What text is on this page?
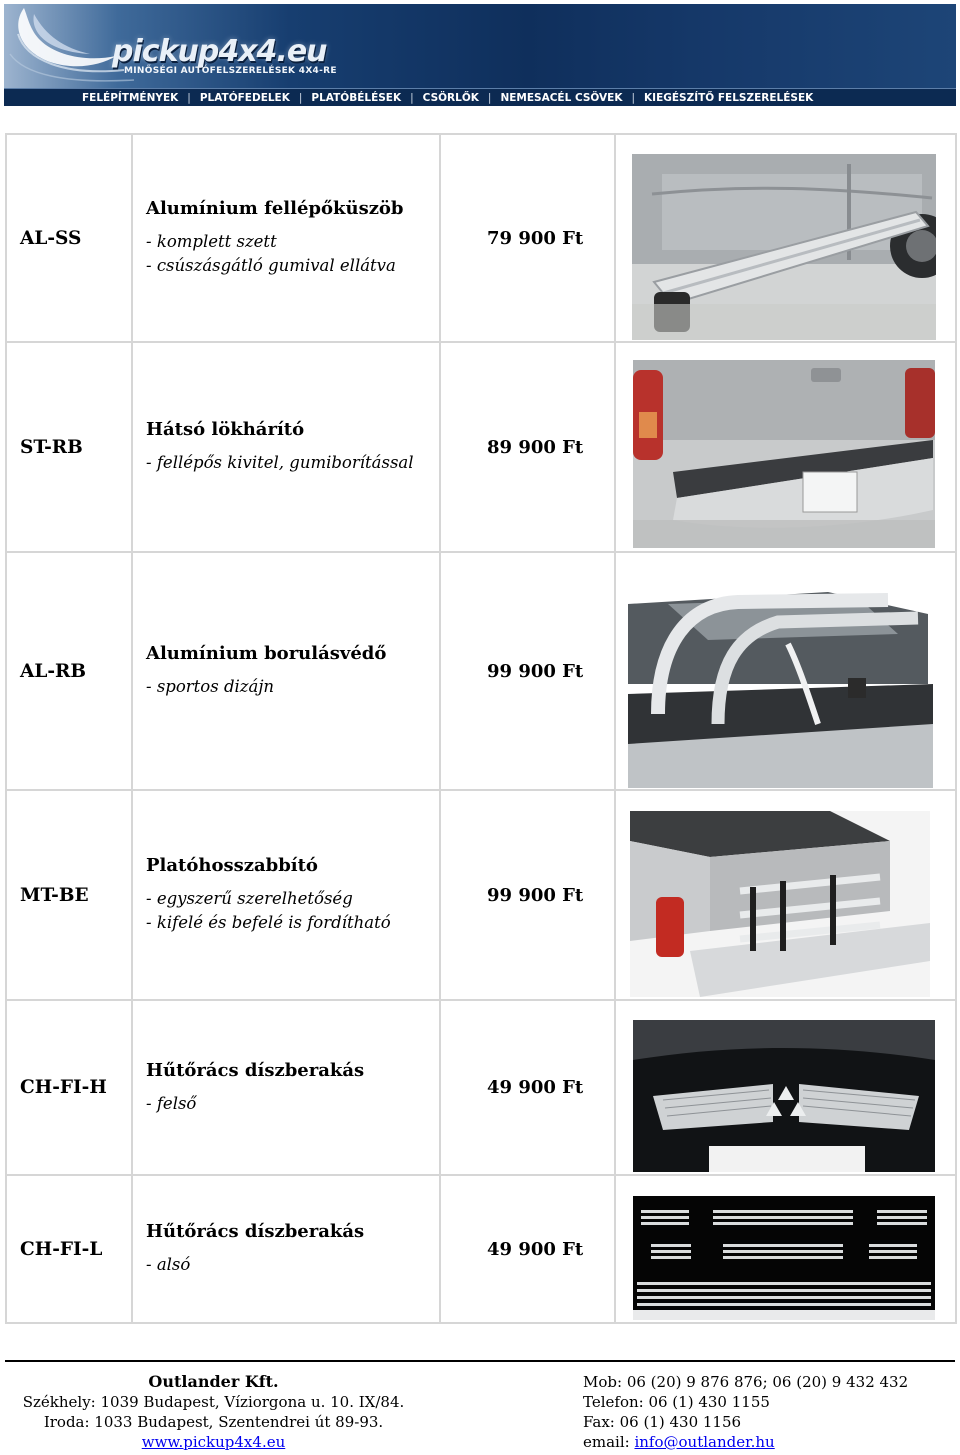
pickup4x4.eu
MINŐSÉGI AUTÓFELSZERELÉSEK 4X4-RE
FELÉPÍTMÉNYEK | PLATÓFEDELEK | PLATÓBÉLÉSEK | CSÖRLŐK | NEMESACÉL CSÖVEK | KIEGÉSZÍTŐ FELSZERELÉSEK
AL-SS	Alumínium fellépőküszöb
- komplett szett
- csúszásgátló gumival ellátva	79 900 Ft	

ST-RB	Hátsó lökhárító
- fellépős kivitel, gumiborítással	89 900 Ft	

AL-RB	Alumínium borulásvédő
- sportos dizájn	99 900 Ft	

MT-BE	Platóhosszabbító
- egyszerű szerelhetőség
- kifelé és befelé is fordítható	99 900 Ft	

CH-FI-H	Hűtőrács díszberakás
- felső	49 900 Ft	

CH-FI-L	Hűtőrács díszberakás
- alsó	49 900 Ft	
Outlander Kft.
Székhely: 1039 Budapest, Víziorgona u. 10. IX/84.
Iroda: 1033 Budapest, Szentendrei út 89-93.
www.pickup4x4.eu
Mob: 06 (20) 9 876 876; 06 (20) 9 432 432
Telefon: 06 (1) 430 1155
Fax: 06 (1) 430 1156
email: info@outlander.hu
